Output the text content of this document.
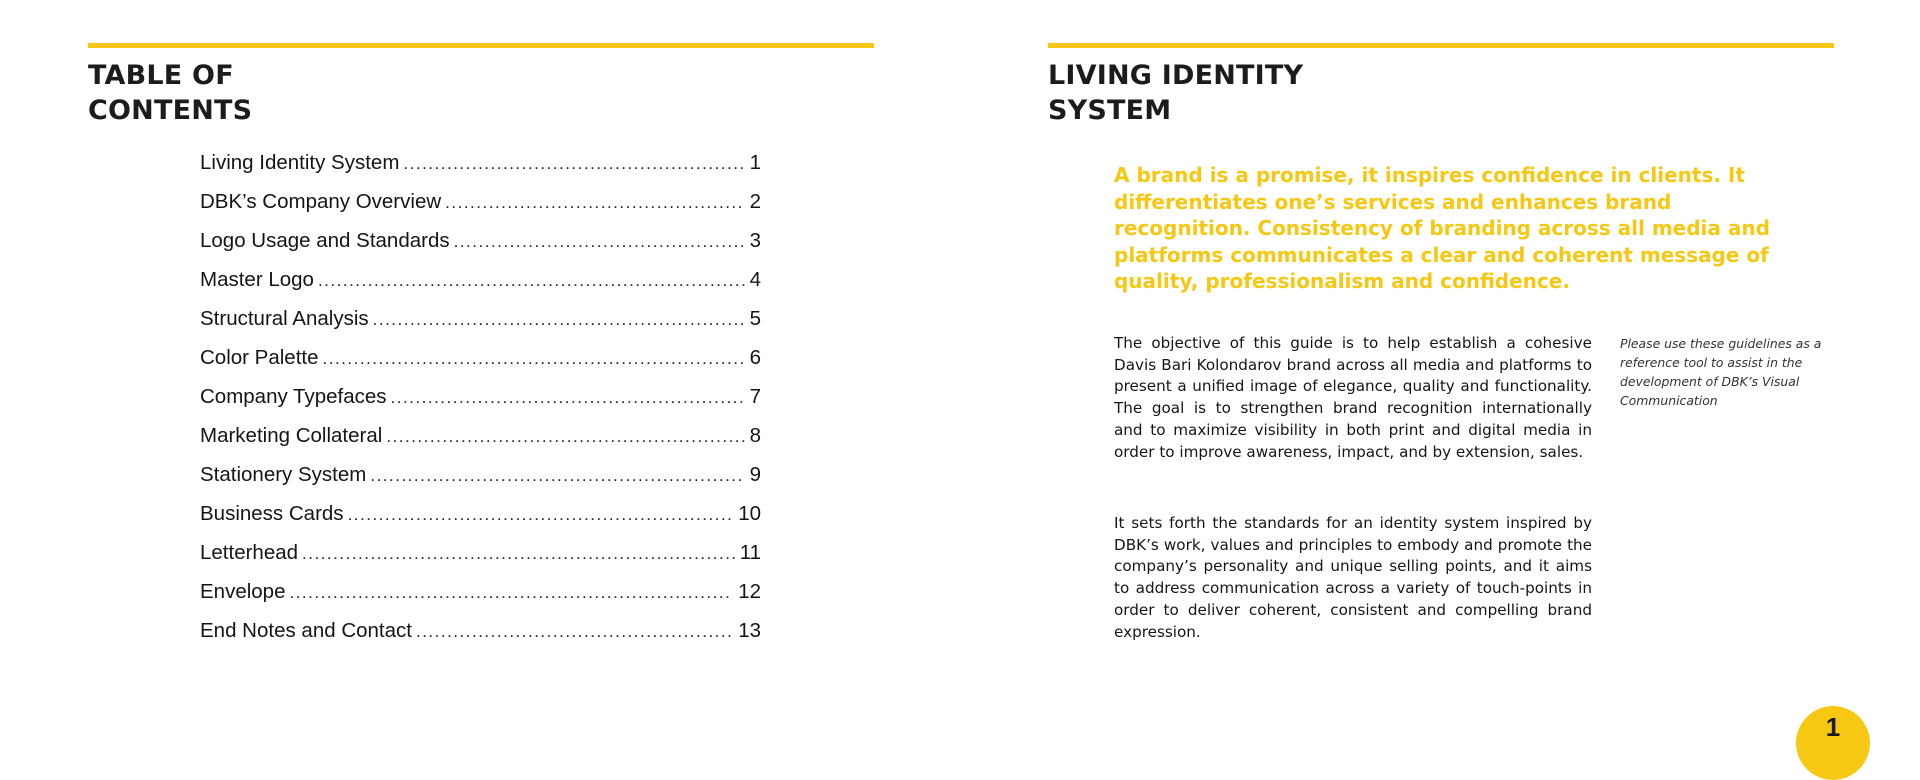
TABLE OF
CONTENTS
Living Identity System .....	1
DBK’s Company Overview .....	2
Logo Usage and Standards .....	3
Master Logo .....	4
Structural Analysis .....	5
Color Palette .....	6
Company Typefaces .....	7
Marketing Collateral .....	8
Stationery System .....	9
Business Cards .....	10
Letterhead .....	11
Envelope .....	12
End Notes and Contact .....	13
LIVING IDENTITY
SYSTEM

A brand is a promise, it inspires confidence in clients. It differentiates one’s services and enhances brand recognition. Consistency of branding across all media and platforms communicates a clear and coherent message of quality, professionalism and confidence.

The objective of this guide is to help establish a cohesive Davis Bari Kolondarov brand across all media and platforms to present a unified image of elegance, quality and functionality. The goal is to strengthen brand recognition internationally and to maximize visibility in both print and digital media in order to improve awareness, impact, and by extension, sales.

It sets forth the standards for an identity system inspired by DBK’s work, values and principles to embody and promote the company’s personality and unique selling points, and it aims to address communication across a variety of touch-points in order to deliver coherent, consistent and compelling brand expression.

Please use these guidelines as a reference tool to assist in the development of DBK’s Visual Communication

1
